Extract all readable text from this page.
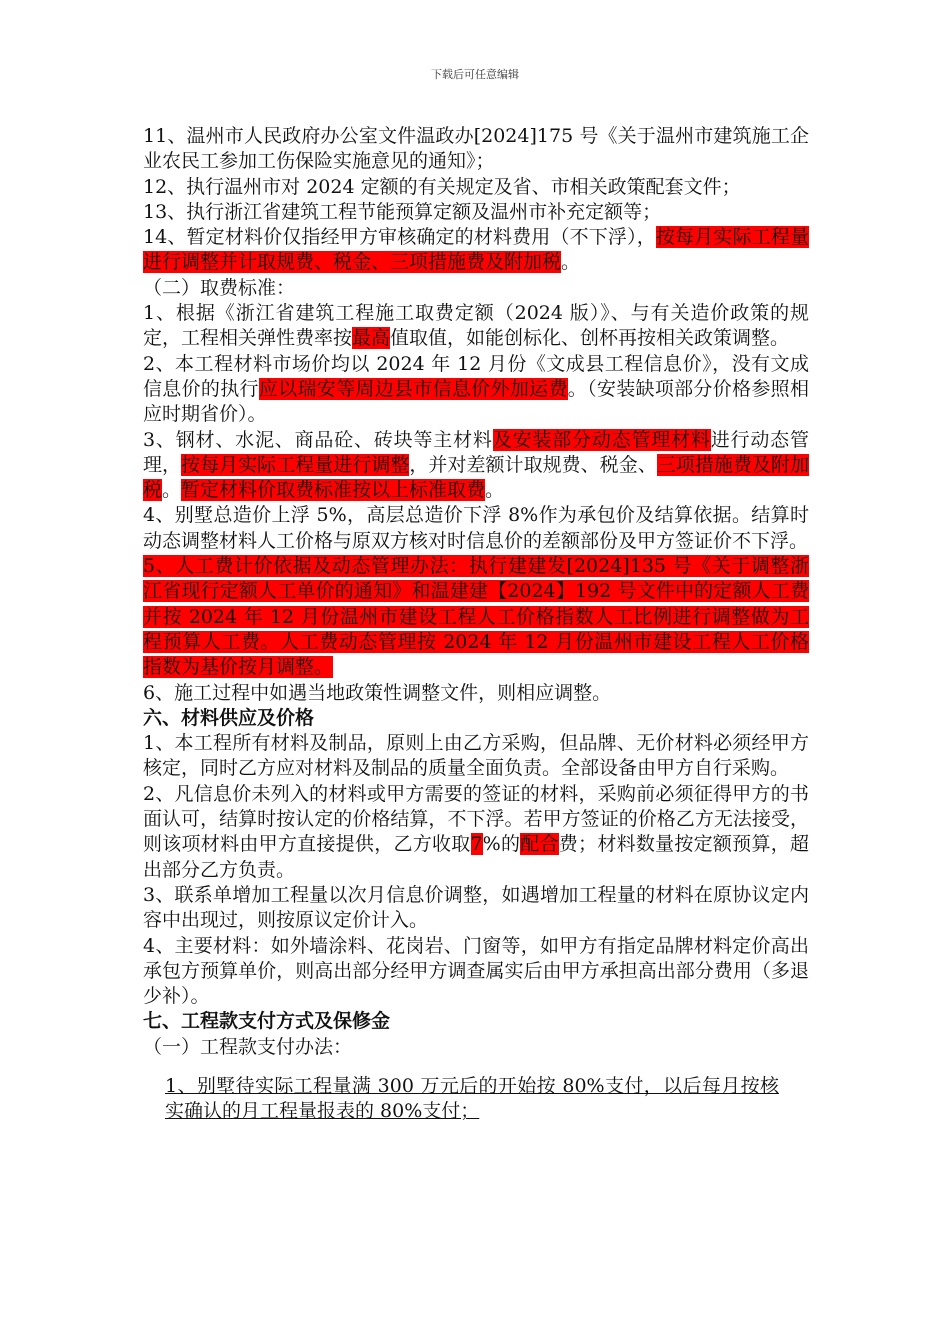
下载后可任意编辑

11、温州市人民政府办公室文件温政办[2024]175 号《关于温州市建筑施工企业农民工参加工伤保险实施意见的通知》；

12、执行温州市对 2024 定额的有关规定及省、市相关政策配套文件；

13、执行浙江省建筑工程节能预算定额及温州市补充定额等；

14、暂定材料价仅指经甲方审核确定的材料费用（不下浮），按每月实际工程量进行调整并计取规费、税金、三项措施费及附加税。

（二）取费标准：

1、根据《浙江省建筑工程施工取费定额（2024 版）》、与有关造价政策的规定，工程相关弹性费率按最高值取值，如能创标化、创杯再按相关政策调整。

2、本工程材料市场价均以 2024 年 12 月份《文成县工程信息价》，没有文成信息价的执行应以瑞安等周边县市信息价外加运费。（安装缺项部分价格参照相应时期省价）。

3、钢材、水泥、商品砼、砖块等主材料及安装部分动态管理材料进行动态管理，按每月实际工程量进行调整，并对差额计取规费、税金、三项措施费及附加税。暂定材料价取费标准按以上标准取费。

4、别墅总造价上浮 5%，高层总造价下浮 8%作为承包价及结算依据。结算时动态调整材料人工价格与原双方核对时信息价的差额部份及甲方签证价不下浮。

5、人工费计价依据及动态管理办法：执行建建发[2024]135 号《关于调整浙江省现行定额人工单价的通知》和温建建【2024】192 号文件中的定额人工费并按 2024 年 12 月份温州市建设工程人工价格指数人工比例进行调整做为工程预算人工费。人工费动态管理按 2024 年 12 月份温州市建设工程人工价格指数为基价按月调整。

6、施工过程中如遇当地政策性调整文件，则相应调整。

六、材料供应及价格

1、本工程所有材料及制品，原则上由乙方采购，但品牌、无价材料必须经甲方核定，同时乙方应对材料及制品的质量全面负责。全部设备由甲方自行采购。

2、凡信息价未列入的材料或甲方需要的签证的材料，采购前必须征得甲方的书面认可，结算时按认定的价格结算，不下浮。若甲方签证的价格乙方无法接受，则该项材料由甲方直接提供，乙方收取7%的配合费；材料数量按定额预算，超出部分乙方负责。

3、联系单增加工程量以次月信息价调整，如遇增加工程量的材料在原协议定内容中出现过，则按原议定价计入。

4、主要材料：如外墙涂料、花岗岩、门窗等，如甲方有指定品牌材料定价高出承包方预算单价，则高出部分经甲方调查属实后由甲方承担高出部分费用（多退少补）。

七、工程款支付方式及保修金

（一）工程款支付办法：

1、别墅待实际工程量满 300 万元后的开始按 80%支付，以后每月按核实确认的月工程量报表的 80%支付；
